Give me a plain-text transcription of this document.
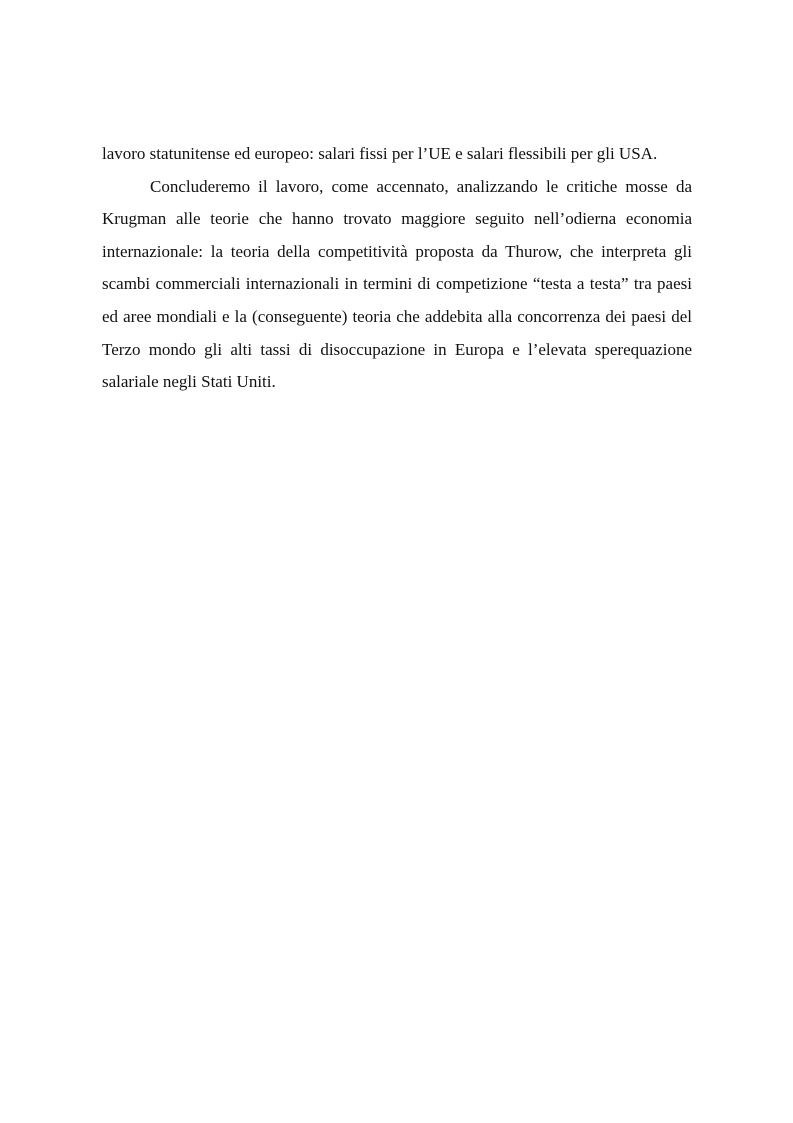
lavoro statunitense ed europeo: salari fissi per l’UE e salari flessibili per gli USA.

Concluderemo il lavoro, come accennato, analizzando le critiche mosse da Krugman alle teorie che hanno trovato maggiore seguito nell’odierna economia internazionale: la teoria della competitività proposta da Thurow, che interpreta gli scambi commerciali internazionali in termini di competizione “testa a testa” tra paesi ed aree mondiali e la (conseguente) teoria che addebita alla concorrenza dei paesi del Terzo mondo gli alti tassi di disoccupazione in Europa e l’elevata sperequazione salariale negli Stati Uniti.
